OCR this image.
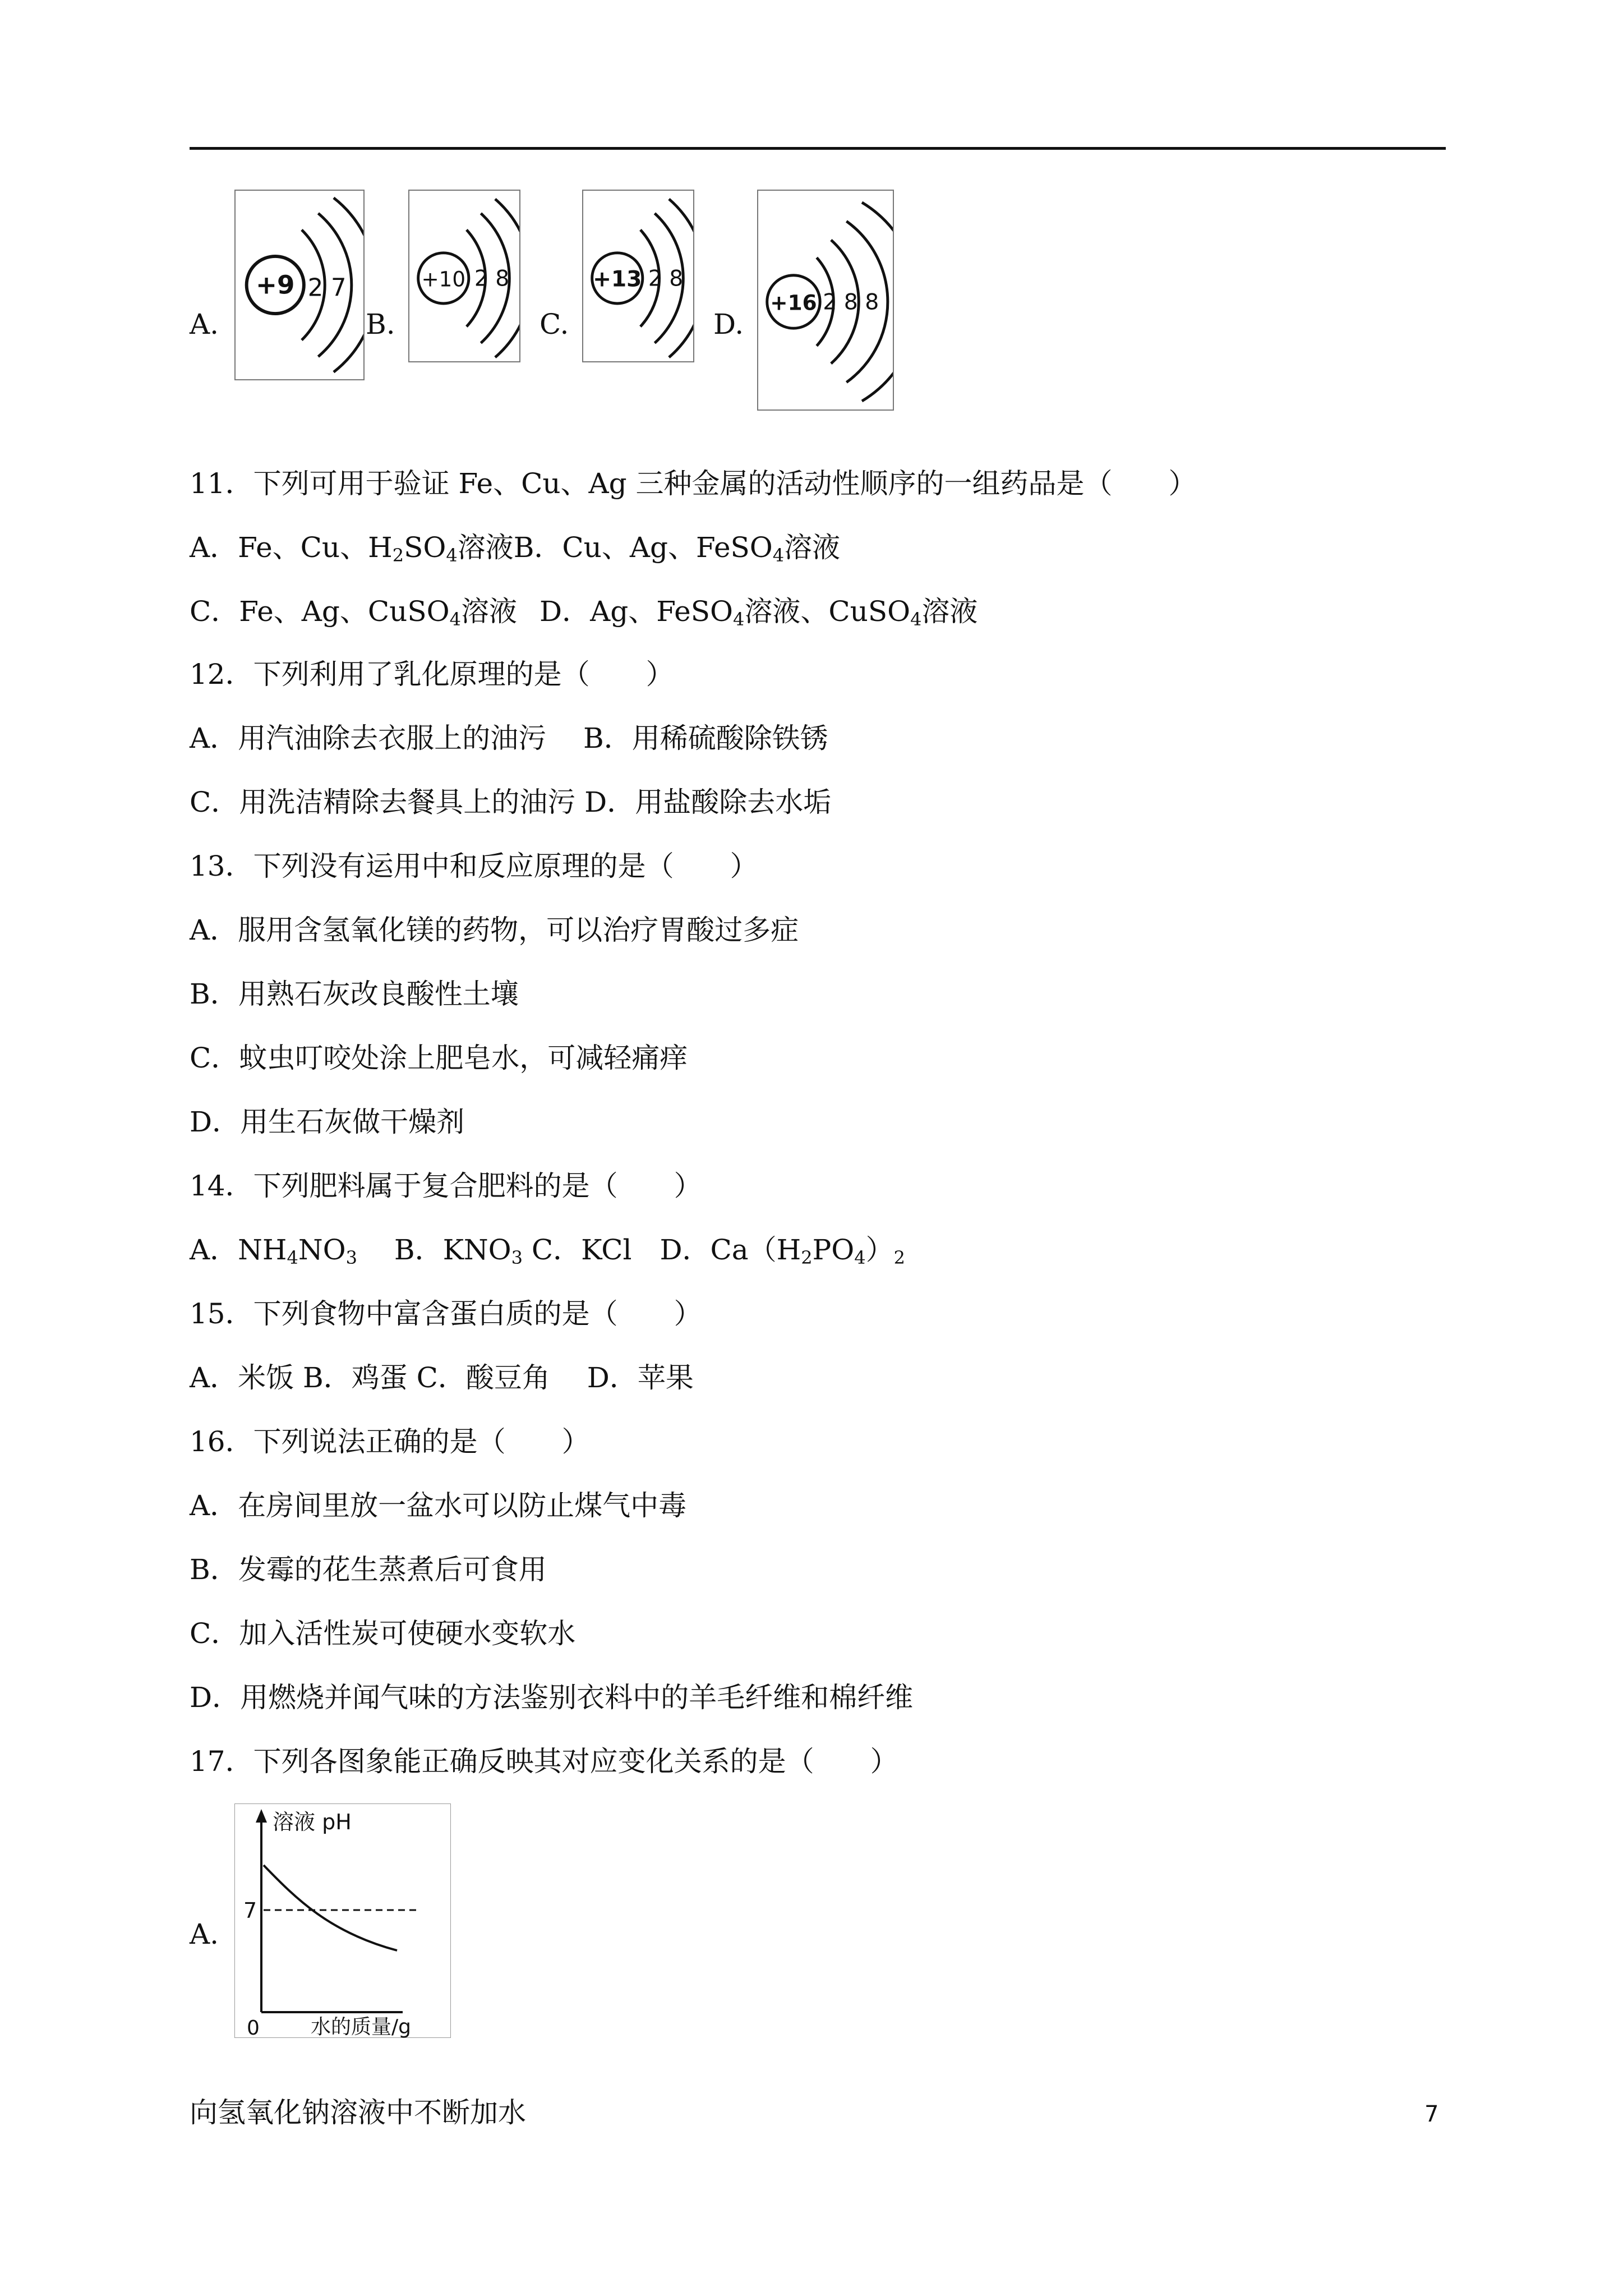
A.
+9 2 7
B.
+10 2 8
C.
+13 2 8
D.
+16 2 8 8
11．下列可用于验证 Fe、Cu、Ag 三种金属的活动性顺序的一组药品是（　　）
A．Fe、Cu、$H_2SO_4$溶液B．Cu、Ag、FeSO$_4$溶液
C．Fe、Ag、CuSO$_4$溶液 D．Ag、FeSO$_4$溶液、CuSO$_4$溶液
12．下列利用了乳化原理的是（　　）
A．用汽油除去衣服上的油污　 B．用稀硫酸除铁锈
C．用洗洁精除去餐具上的油污 D．用盐酸除去水垢
13．下列没有运用中和反应原理的是（　　）
A．服用含氢氧化镁的药物，可以治疗胃酸过多症
B．用熟石灰改良酸性土壤
C．蚊虫叮咬处涂上肥皂水，可减轻痛痒
D．用生石灰做干燥剂
14．下列肥料属于复合肥料的是（　　）
A．$NH_4NO_3$　 B．$KNO_3$ C．KCl　D．$Ca(H_2PO_4)_2$
15．下列食物中富含蛋白质的是（　　）
A．米饭 B．鸡蛋 C．酸豆角　 D．苹果
16．下列说法正确的是（　　）
A．在房间里放一盆水可以防止煤气中毒
B．发霉的花生蒸煮后可食用
C．加入活性炭可使硬水变软水
D．用燃烧并闻气味的方法鉴别衣料中的羊毛纤维和棉纤维
17．下列各图象能正确反映其对应变化关系的是（　　）
A.
溶液 pH
7
0	水的质量/g
向氢氧化钠溶液中不断加水	7
